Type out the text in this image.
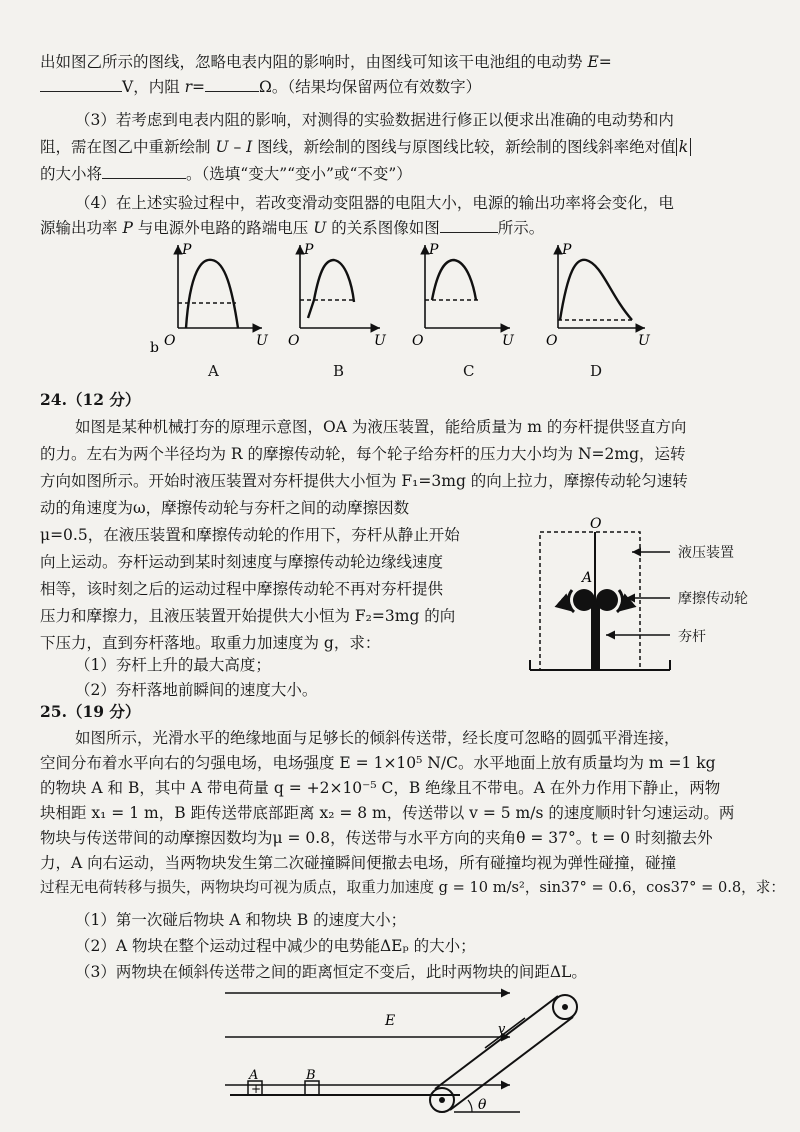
出如图乙所示的图线，忽略电表内阻的影响时，由图线可知该干电池组的电动势 E=
V，内阻 r=	Ω。（结果均保留两位有效数字）
（3）若考虑到电表内阻的影响，对测得的实验数据进行修正以便求出准确的电动势和内
阻，需在图乙中重新绘制 U – I 图线，新绘制的图线与原图线比较，新绘制的图线斜率绝对值 k
的大小将	。（选填“变大”“变小”或“不变”）
（4）在上述实验过程中，若改变滑动变阻器的电阻大小，电源的输出功率将会变化，电
源输出功率 P 与电源外电路的路端电压 U 的关系图像如图	所示。
P	P	P	P
O	O	O	O
U	U	U	U
b
A	B	C	D
24.（12 分）
如图是某种机械打夯的原理示意图，OA 为液压装置，能给质量为 m 的夯杆提供竖直方向
的力。左右为两个半径均为 R 的摩擦传动轮，每个轮子给夯杆的压力大小均为 N=2mg，运转
方向如图所示。开始时液压装置对夯杆提供大小恒为 F₁=3mg 的向上拉力，摩擦传动轮匀速转
动的角速度为ω，摩擦传动轮与夯杆之间的动摩擦因数
μ=0.5，在液压装置和摩擦传动轮的作用下，夯杆从静止开始
向上运动。夯杆运动到某时刻速度与摩擦传动轮边缘线速度
相等，该时刻之后的运动过程中摩擦传动轮不再对夯杆提供
压力和摩擦力，且液压装置开始提供大小恒为 F₂=3mg 的向
下压力，直到夯杆落地。取重力加速度为 g，求：
（1）夯杆上升的最大高度；
（2）夯杆落地前瞬间的速度大小。
O
A
液压装置
摩擦传动轮
夯杆
25.（19 分）
如图所示，光滑水平的绝缘地面与足够长的倾斜传送带，经长度可忽略的圆弧平滑连接，
空间分布着水平向右的匀强电场，电场强度 E = 1×10⁵ N/C。水平地面上放有质量均为 m =1 kg
的物块 A 和 B，其中 A 带电荷量 q = +2×10⁻⁵ C，B 绝缘且不带电。A 在外力作用下静止，两物
块相距 x₁ = 1 m，B 距传送带底部距离 x₂ = 8 m，传送带以 v = 5 m/s 的速度顺时针匀速运动。两
物块与传送带间的动摩擦因数均为μ = 0.8，传送带与水平方向的夹角θ = 37°。t = 0 时刻撤去外
力，A 向右运动，当两物块发生第二次碰撞瞬间便撤去电场，所有碰撞均视为弹性碰撞，碰撞
过程无电荷转移与损失，两物块均可视为质点，取重力加速度 g = 10 m/s²，sin37° = 0.6，cos37° = 0.8，求：
（1）第一次碰后物块 A 和物块 B 的速度大小；
（2）A 物块在整个运动过程中减少的电势能ΔEₚ 的大小；
（3）两物块在倾斜传送带之间的距离恒定不变后，此时两物块的间距ΔL。
+
E
A	B
v
θ
